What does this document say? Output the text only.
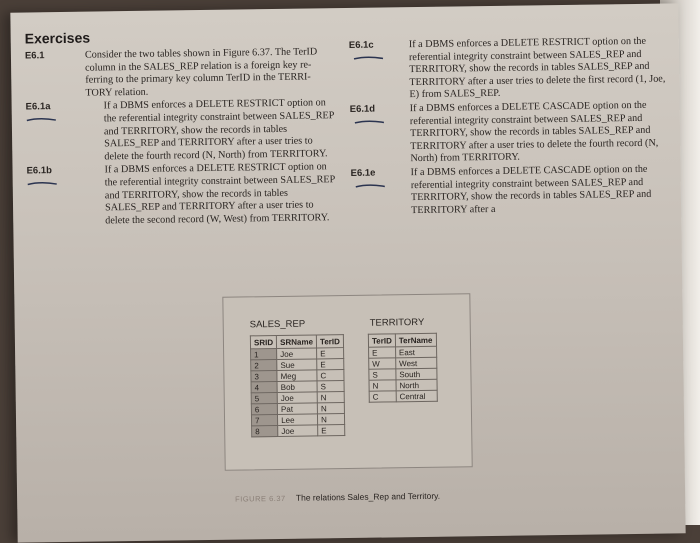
Exercises
E6.1	Consider the two tables shown in Figure 6.37. The TerID column in the SALES_REP relation is a foreign key re-ferring to the primary key column TerID in the TERRI-TORY relation.
E6.1a	If a DBMS enforces a DELETE RESTRICT option on the referential integrity constraint between SALES_REP and TERRITORY, show the records in tables SALES_REP and TERRITORY after a user tries to delete the fourth record (N, North) from TERRITORY.
E6.1b	If a DBMS enforces a DELETE RESTRICT option on the referential integrity constraint between SALES_REP and TERRITORY, show the records in tables SALES_REP and TERRITORY after a user tries to delete the second record (W, West) from TERRITORY.
E6.1c	If a DBMS enforces a DELETE RESTRICT option on the referential integrity constraint between SALES_REP and TERRITORY, show the records in tables SALES_REP and TERRITORY after a user tries to delete the first record (1, Joe, E) from SALES_REP.
E6.1d	If a DBMS enforces a DELETE CASCADE option on the referential integrity constraint between SALES_REP and TERRITORY, show the records in tables SALES_REP and TERRITORY after a user tries to delete the fourth record (N, North) from TERRITORY.
E6.1e	If a DBMS enforces a DELETE CASCADE option on the referential integrity constraint between SALES_REP and TERRITORY, show the records in tables SALES_REP and TERRITORY after a
SALES_REP
SRID	SRName	TerID
1	Joe	E
2	Sue	E
3	Meg	C
4	Bob	S
5	Joe	N
6	Pat	N
7	Lee	N
8	Joe	E
TERRITORY
TerID	TerName
E	East
W	West
S	South
N	North
C	Central
FIGURE 6.37 The relations Sales_Rep and Territory.
